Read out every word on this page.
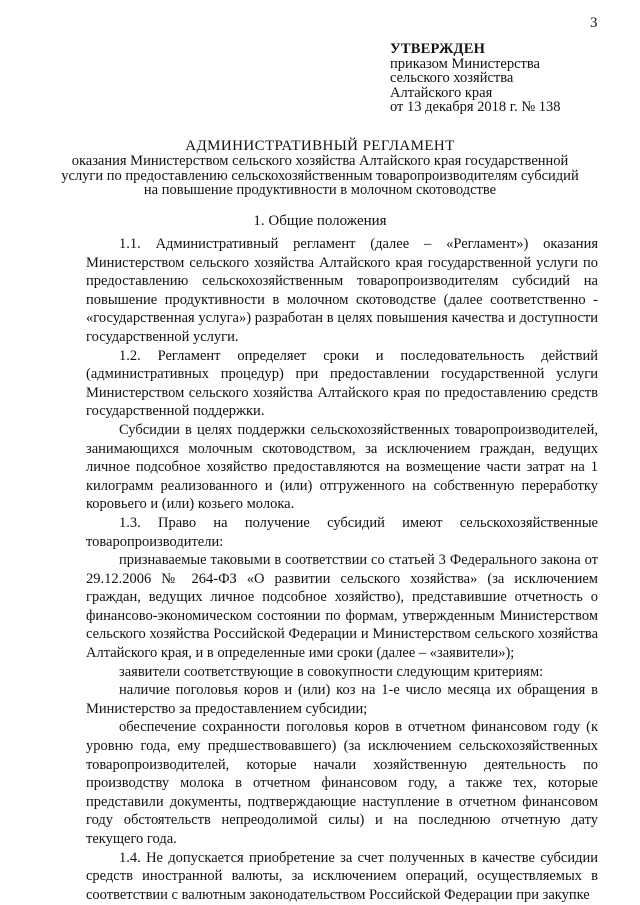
3
УТВЕРЖДЕН
приказом Министерства
сельского хозяйства
Алтайского края
от 13 декабря 2018 г. № 138
АДМИНИСТРАТИВНЫЙ РЕГЛАМЕНТ
оказания Министерством сельского хозяйства Алтайского края государственной
услуги по предоставлению сельскохозяйственным товаропроизводителям субсидий
на повышение продуктивности в молочном скотоводстве
1. Общие положения

1.1. Административный регламент (далее – «Регламент») оказания Министерством сельского хозяйства Алтайского края государственной услуги по предоставлению сельскохозяйственным товаропроизводителям субсидий на повышение продуктивности в молочном скотоводстве (далее соответственно - «государственная услуга») разработан в целях повышения качества и доступности государственной услуги.

1.2. Регламент определяет сроки и последовательность действий (административных процедур) при предоставлении государственной услуги Министерством сельского хозяйства Алтайского края по предоставлению средств государственной поддержки.

Субсидии в целях поддержки сельскохозяйственных товаропроизводителей, занимающихся молочным скотоводством, за исключением граждан, ведущих личное подсобное хозяйство предоставляются на возмещение части затрат на 1 килограмм реализованного и (или) отгруженного на собственную переработку коровьего и (или) козьего молока.

1.3. Право на получение субсидий имеют сельскохозяйственные товаропроизводители:

признаваемые таковыми в соответствии со статьей 3 Федерального закона от 29.12.2006 № 264-ФЗ «О развитии сельского хозяйства» (за исключением граждан, ведущих личное подсобное хозяйство), представившие отчетность о финансово-экономическом состоянии по формам, утвержденным Министерством сельского хозяйства Российской Федерации и Министерством сельского хозяйства Алтайского края, и в определенные ими сроки (далее – «заявители»);

заявители соответствующие в совокупности следующим критериям:

наличие поголовья коров и (или) коз на 1-е число месяца их обращения в Министерство за предоставлением субсидии;

обеспечение сохранности поголовья коров в отчетном финансовом году (к уровню года, ему предшествовавшего) (за исключением сельскохозяйственных товаропроизводителей, которые начали хозяйственную деятельность по производству молока в отчетном финансовом году, а также тех, которые представили документы, подтверждающие наступление в отчетном финансовом году обстоятельств непреодолимой силы) и на последнюю отчетную дату текущего года.

1.4. Не допускается приобретение за счет полученных в качестве субсидии средств иностранной валюты, за исключением операций, осуществляемых в соответствии с валютным законодательством Российской Федерации при закупке
